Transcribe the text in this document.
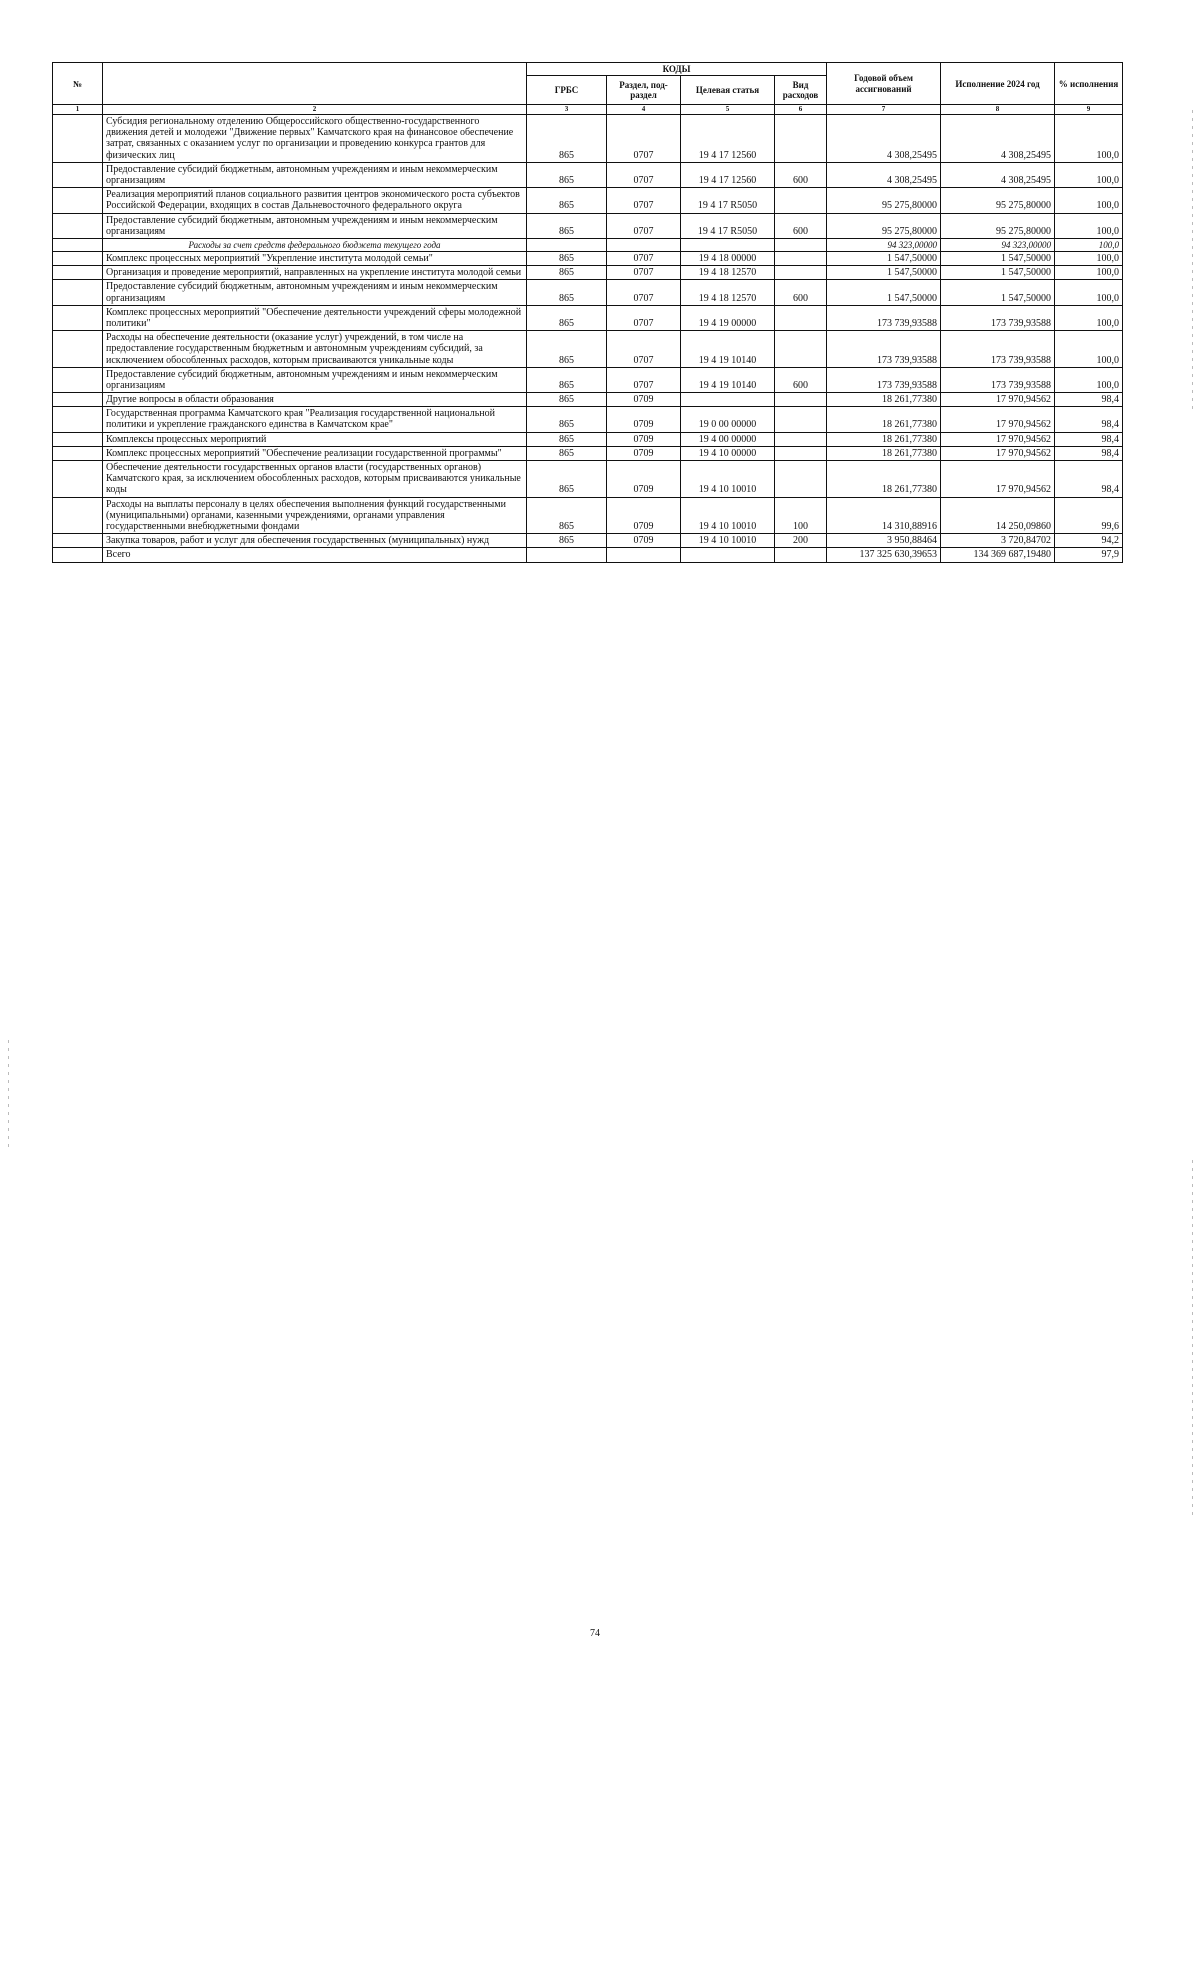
№		КОДЫ				Годовой объем ассигнований	Исполнение 2024 год	% исполнения
		ГРБС	Раздел, под-раздел	Целевая статья	Вид расходов			
1	2	3	4	5	6	7	8	9
	Субсидия региональному отделению Общероссийского общественно-государственного движения детей и молодежи "Движение первых" Камчатского края на финансовое обеспечение затрат, связанных с оказанием услуг по организации и проведению конкурса грантов для физических лиц	865	0707	19 4 17 12560		4 308,25495	4 308,25495	100,0
	Предоставление субсидий бюджетным, автономным учреждениям и иным некоммерческим организациям	865	0707	19 4 17 12560	600	4 308,25495	4 308,25495	100,0
	Реализация мероприятий планов социального развития центров экономического роста субъектов Российской Федерации, входящих в состав Дальневосточного федерального округа	865	0707	19 4 17 R5050		95 275,80000	95 275,80000	100,0
	Предоставление субсидий бюджетным, автономным учреждениям и иным некоммерческим организациям	865	0707	19 4 17 R5050	600	95 275,80000	95 275,80000	100,0
	Расходы за счет средств федерального бюджета текущего года					94 323,00000	94 323,00000	100,0
	Комплекс процессных мероприятий "Укрепление института молодой семьи"	865	0707	19 4 18 00000		1 547,50000	1 547,50000	100,0
	Организация и проведение мероприятий, направленных на укрепление института молодой семьи	865	0707	19 4 18 12570		1 547,50000	1 547,50000	100,0
	Предоставление субсидий бюджетным, автономным учреждениям и иным некоммерческим организациям	865	0707	19 4 18 12570	600	1 547,50000	1 547,50000	100,0
	Комплекс процессных мероприятий "Обеспечение деятельности учреждений сферы молодежной политики"	865	0707	19 4 19 00000		173 739,93588	173 739,93588	100,0
	Расходы на обеспечение деятельности (оказание услуг) учреждений, в том числе на предоставление государственным бюджетным и автономным учреждениям субсидий, за исключением обособленных расходов, которым присваиваются уникальные коды	865	0707	19 4 19 10140		173 739,93588	173 739,93588	100,0
	Предоставление субсидий бюджетным, автономным учреждениям и иным некоммерческим организациям	865	0707	19 4 19 10140	600	173 739,93588	173 739,93588	100,0
	Другие вопросы в области образования	865	0709			18 261,77380	17 970,94562	98,4
	Государственная программа Камчатского края "Реализация государственной национальной политики и укрепление гражданского единства в Камчатском крае"	865	0709	19 0 00 00000		18 261,77380	17 970,94562	98,4
	Комплексы процессных мероприятий	865	0709	19 4 00 00000		18 261,77380	17 970,94562	98,4
	Комплекс процессных мероприятий "Обеспечение реализации государственной программы"	865	0709	19 4 10 00000		18 261,77380	17 970,94562	98,4
	Обеспечение деятельности государственных органов власти (государственных органов) Камчатского края, за исключением обособленных расходов, которым присваиваются уникальные коды	865	0709	19 4 10 10010		18 261,77380	17 970,94562	98,4
	Расходы на выплаты персоналу в целях обеспечения выполнения функций государственными (муниципальными) органами, казенными учреждениями, органами управления государственными внебюджетными фондами	865	0709	19 4 10 10010	100	14 310,88916	14 250,09860	99,6
	Закупка товаров, работ и услуг для обеспечения государственных (муниципальных) нужд	865	0709	19 4 10 10010	200	3 950,88464	3 720,84702	94,2
	Всего					137 325 630,39653	134 369 687,19480	97,9
74
